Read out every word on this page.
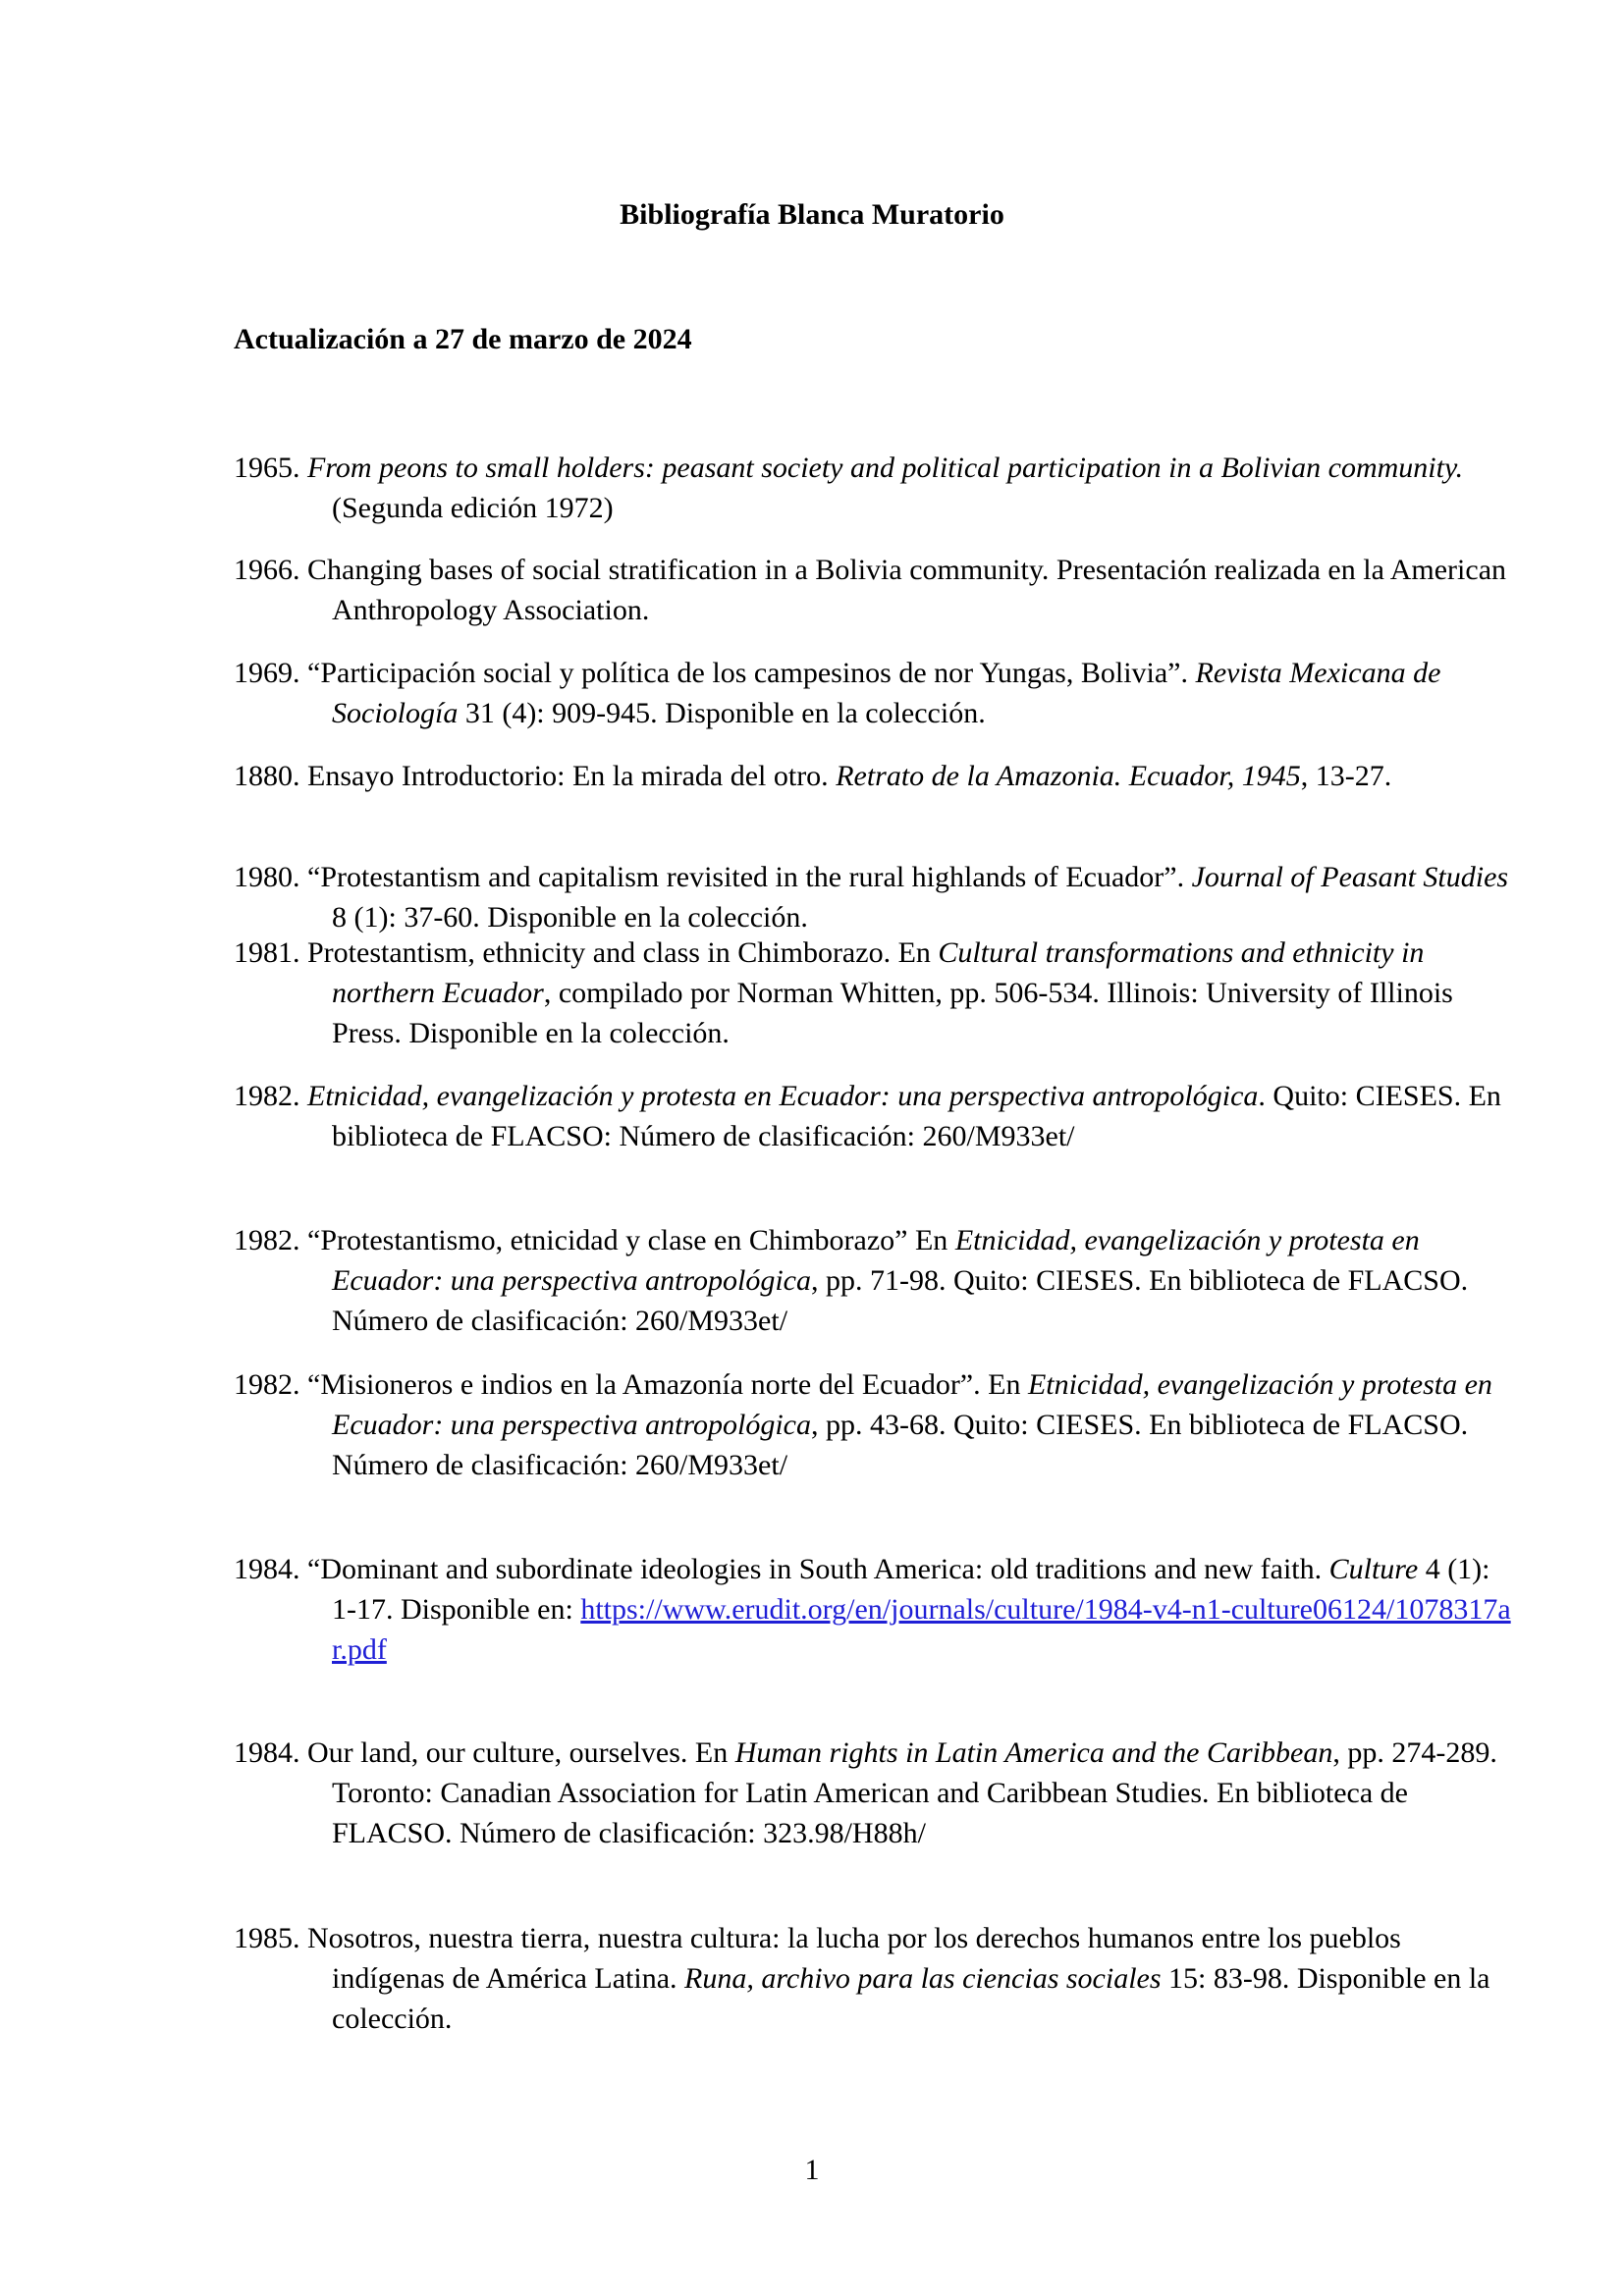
Bibliografía Blanca Muratorio
Actualización a 27 de marzo de 2024

1965. From peons to small holders: peasant society and political participation in a Bolivian community. (Segunda edición 1972)

1966. Changing bases of social stratification in a Bolivia community. Presentación realizada en la American Anthropology Association.

1969. “Participación social y política de los campesinos de nor Yungas, Bolivia”. Revista Mexicana de Sociología 31 (4): 909-945. Disponible en la colección.

1880. Ensayo Introductorio: En la mirada del otro. Retrato de la Amazonia. Ecuador, 1945, 13-27.

1980. “Protestantism and capitalism revisited in the rural highlands of Ecuador”. Journal of Peasant Studies 8 (1): 37-60. Disponible en la colección.

1981. Protestantism, ethnicity and class in Chimborazo. En Cultural transformations and ethnicity in northern Ecuador, compilado por Norman Whitten, pp. 506-534. Illinois: University of Illinois Press. Disponible en la colección.

1982. Etnicidad, evangelización y protesta en Ecuador: una perspectiva antropológica. Quito: CIESES. En biblioteca de FLACSO: Número de clasificación: 260/M933et/

1982. “Protestantismo, etnicidad y clase en Chimborazo” En Etnicidad, evangelización y protesta en Ecuador: una perspectiva antropológica, pp. 71-98. Quito: CIESES. En biblioteca de FLACSO. Número de clasificación: 260/M933et/

1982. “Misioneros e indios en la Amazonía norte del Ecuador”. En Etnicidad, evangelización y protesta en Ecuador: una perspectiva antropológica, pp. 43-68. Quito: CIESES. En biblioteca de FLACSO. Número de clasificación: 260/M933et/

1984. “Dominant and subordinate ideologies in South America: old traditions and new faith. Culture 4 (1): 1-17. Disponible en: https://www.erudit.org/en/journals/culture/1984-v4-n1-culture06124/1078317ar.pdf

1984. Our land, our culture, ourselves. En Human rights in Latin America and the Caribbean, pp. 274-289. Toronto: Canadian Association for Latin American and Caribbean Studies. En biblioteca de FLACSO. Número de clasificación: 323.98/H88h/

1985. Nosotros, nuestra tierra, nuestra cultura: la lucha por los derechos humanos entre los pueblos indígenas de América Latina. Runa, archivo para las ciencias sociales 15: 83-98. Disponible en la colección.

1
